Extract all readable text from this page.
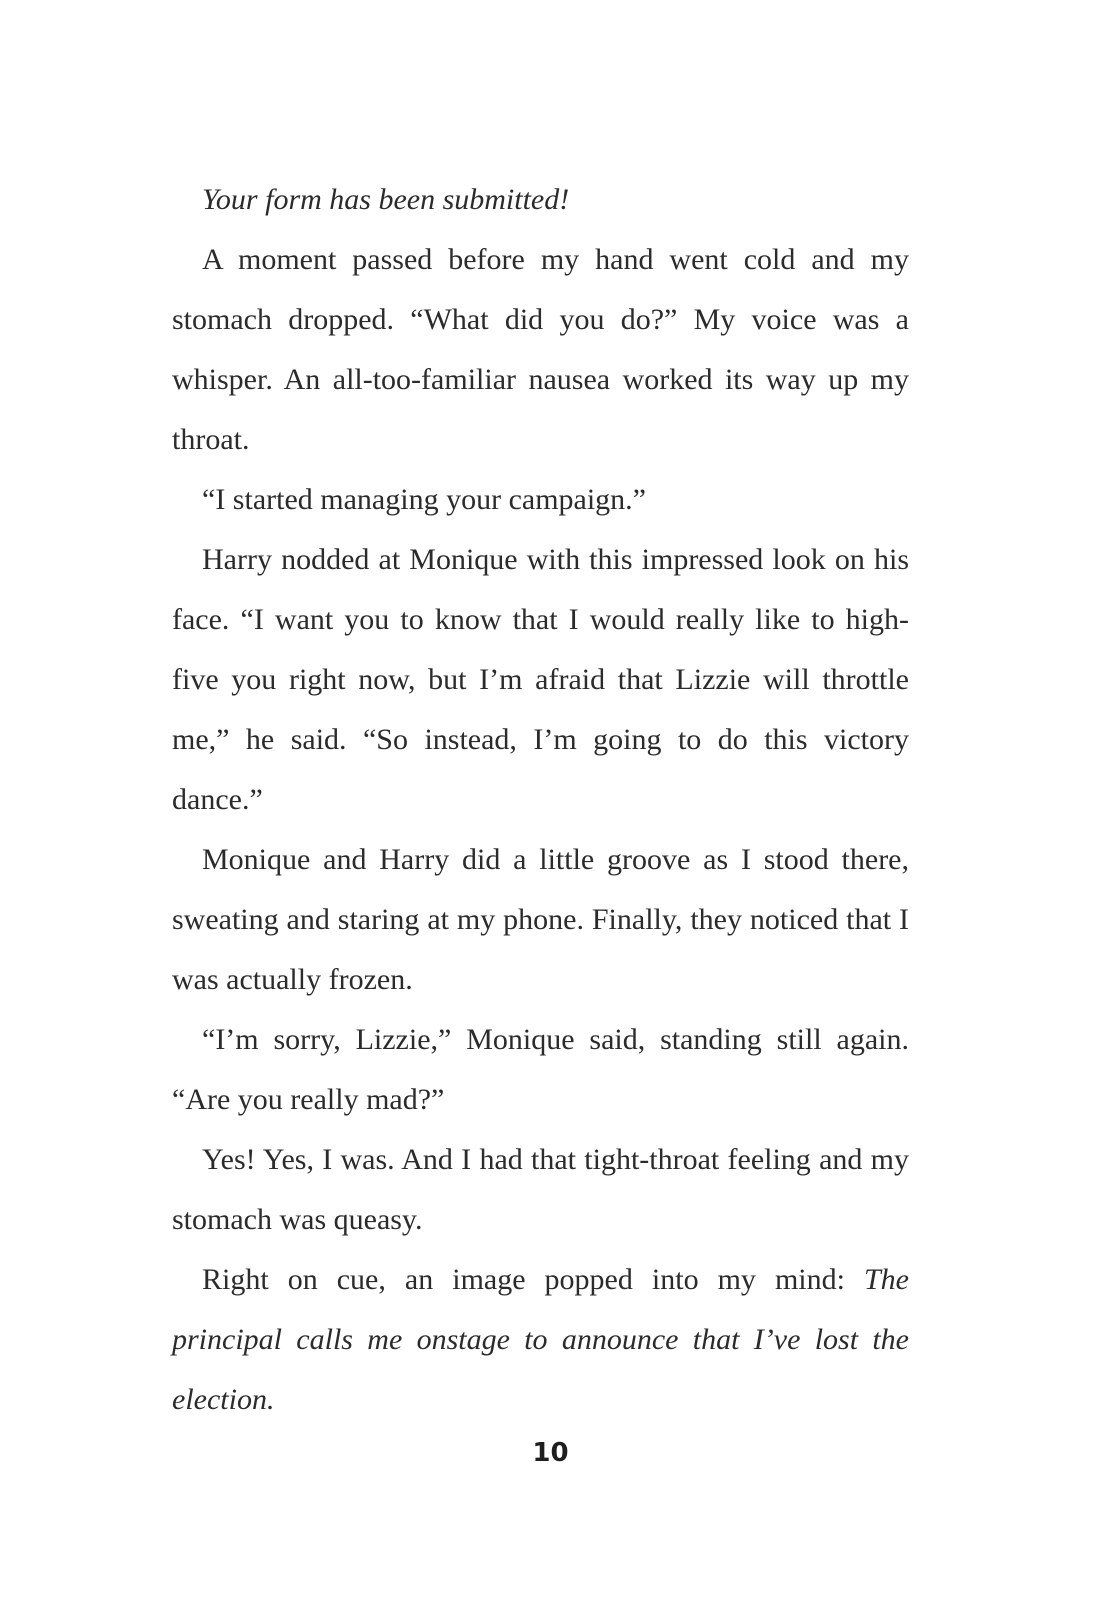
Your form has been submitted!

A moment passed before my hand went cold and my stomach dropped. “What did you do?” My voice was a whisper. An all-too-familiar nausea worked its way up my throat.

“I started managing your campaign.”

Harry nodded at Monique with this impressed look on his face. “I want you to know that I would really like to high-five you right now, but I’m afraid that Lizzie will throttle me,” he said. “So instead, I’m going to do this victory dance.”

Monique and Harry did a little groove as I stood there, sweating and staring at my phone. Finally, they noticed that I was actually frozen.

“I’m sorry, Lizzie,” Monique said, standing still again. “Are you really mad?”

Yes! Yes, I was. And I had that tight-throat feeling and my stomach was queasy.

Right on cue, an image popped into my mind: The principal calls me onstage to announce that I’ve lost the election.

10
